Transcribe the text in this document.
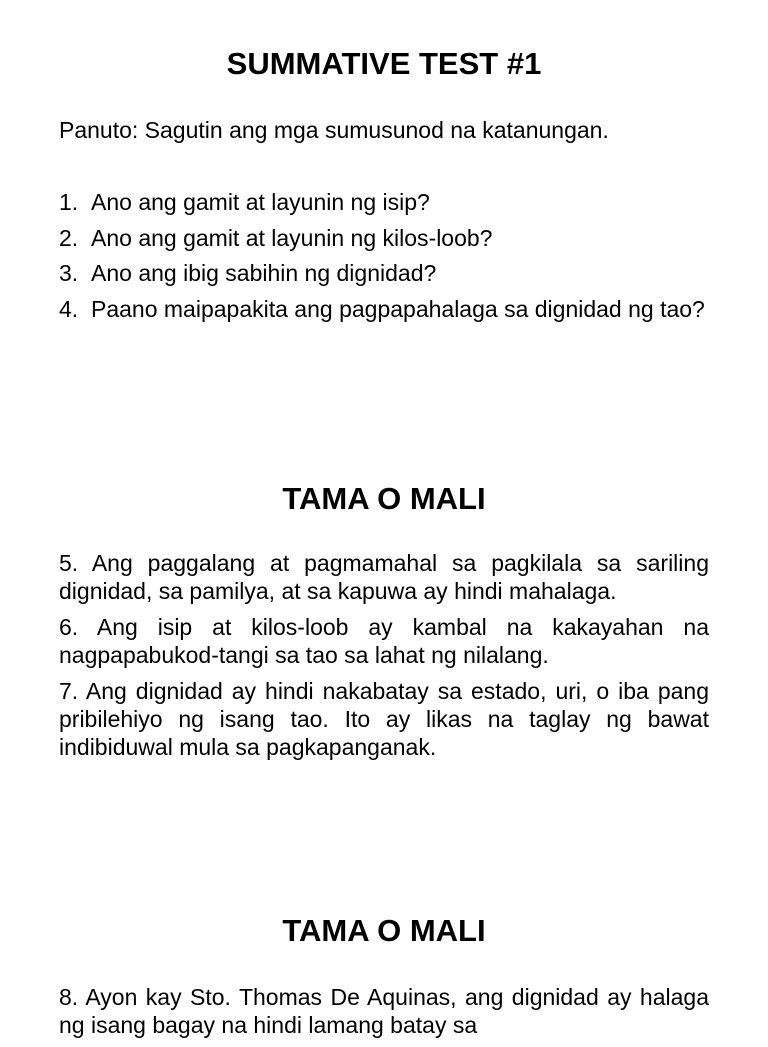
SUMMATIVE TEST #1

Panuto: Sagutin ang mga sumusunod na katanungan.

1. Ano ang gamit at layunin ng isip?
2. Ano ang gamit at layunin ng kilos-loob?
3. Ano ang ibig sabihin ng dignidad?
4. Paano maipapakita ang pagpapahalaga sa dignidad ng tao?
TAMA O MALI

5. Ang paggalang at pagmamahal sa pagkilala sa sariling dignidad, sa pamilya, at sa kapuwa ay hindi mahalaga.

6. Ang isip at kilos-loob ay kambal na kakayahan na nagpapabukod-tangi sa tao sa lahat ng nilalang.

7. Ang dignidad ay hindi nakabatay sa estado, uri, o iba pang pribilehiyo ng isang tao. Ito ay likas na taglay ng bawat indibiduwal mula sa pagkapanganak.

TAMA O MALI

8. Ayon kay Sto. Thomas De Aquinas, ang dignidad ay halaga ng isang bagay na hindi lamang batay sa
